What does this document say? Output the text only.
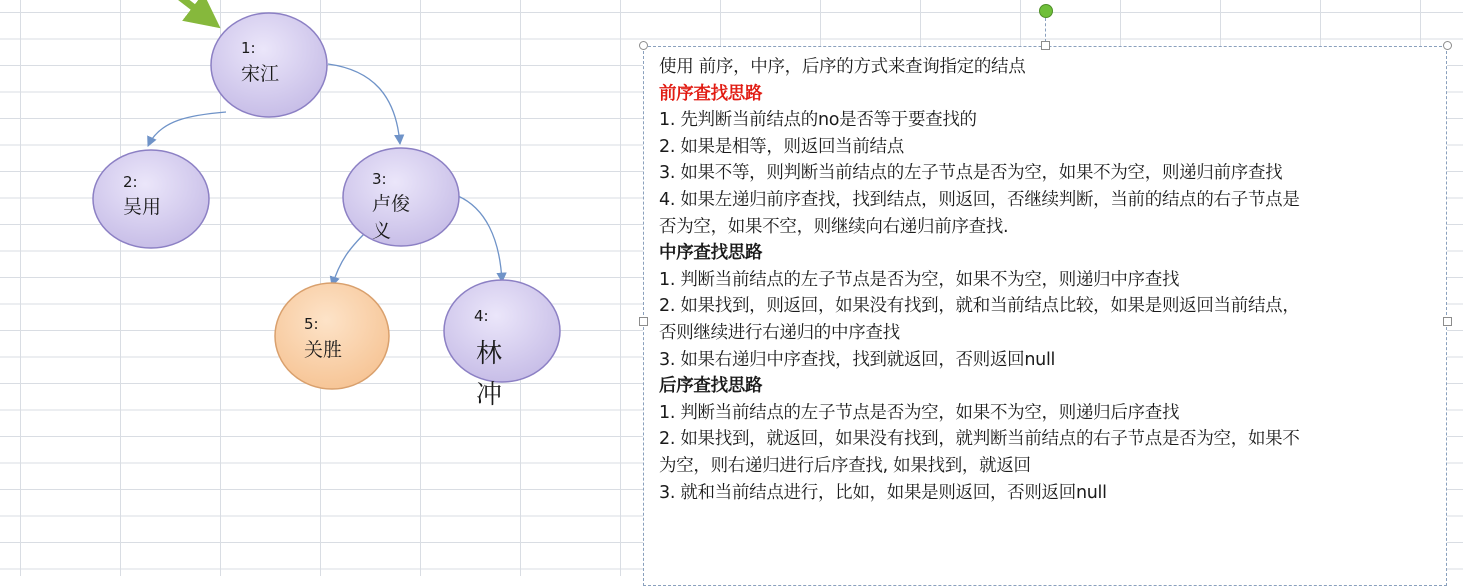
1:
宋江
2:
吴用
3:
卢俊
义
5:
关胜
4:
林
冲
使用 前序，中序，后序的方式来查询指定的结点
前序查找思路
1. 先判断当前结点的no是否等于要查找的
2. 如果是相等，则返回当前结点
3. 如果不等，则判断当前结点的左子节点是否为空，如果不为空，则递归前序查找
4. 如果左递归前序查找，找到结点，则返回，否继续判断，当前的结点的右子节点是
否为空，如果不空，则继续向右递归前序查找.
中序查找思路
1. 判断当前结点的左子节点是否为空，如果不为空，则递归中序查找
2. 如果找到，则返回，如果没有找到，就和当前结点比较，如果是则返回当前结点，
否则继续进行右递归的中序查找
3. 如果右递归中序查找，找到就返回，否则返回null
后序查找思路
1. 判断当前结点的左子节点是否为空，如果不为空，则递归后序查找
2. 如果找到，就返回，如果没有找到，就判断当前结点的右子节点是否为空，如果不
为空，则右递归进行后序查找, 如果找到，就返回
3. 就和当前结点进行，比如，如果是则返回，否则返回null
